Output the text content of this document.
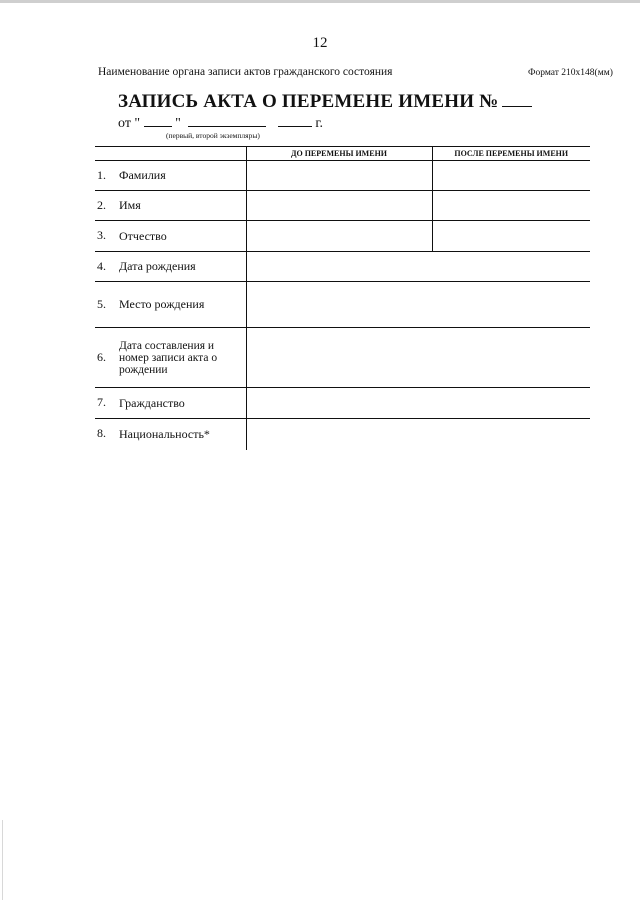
12
Наименование органа записи актов гражданского состояния	Формат 210x148(мм)
ЗАПИСЬ АКТА О ПЕРЕМЕНЕ ИМЕНИ №
от "	"	г.
(первый, второй экземпляры)
	ДО ПЕРЕМЕНЫ ИМЕНИ	ПОСЛЕ ПЕРЕМЕНЫ ИМЕНИ
1. Фамилия		
2. Имя		
3. Отчество		
4. Дата рождения		
5. Место рождения		
6.Дата составления и номер записи акта о рождении		
7. Гражданство		
8. Национальность*		
